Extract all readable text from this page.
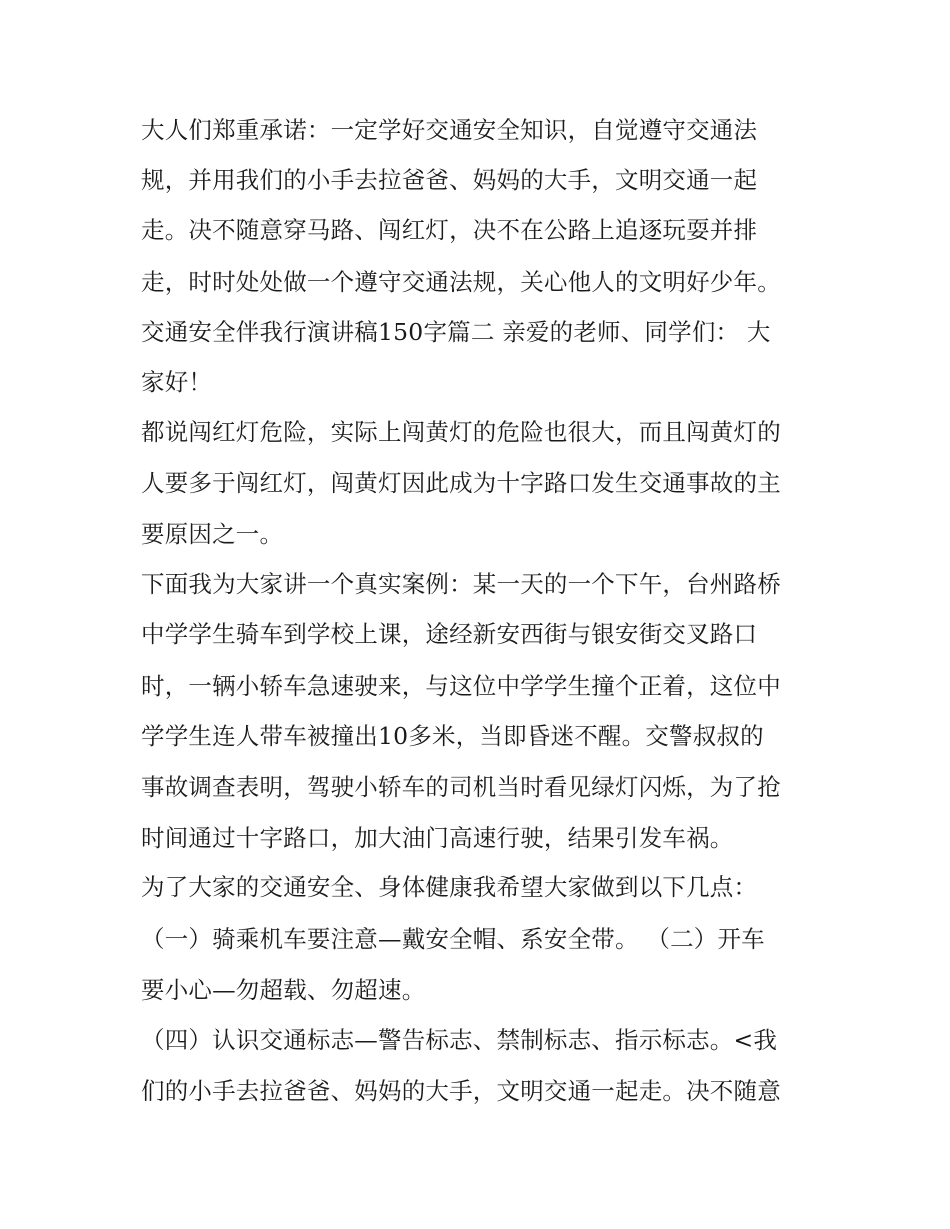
大人们郑重承诺：一定学好交通安全知识，自觉遵守交通法
规，并用我们的小手去拉爸爸、妈妈的大手，文明交通一起
走。决不随意穿马路、闯红灯，决不在公路上追逐玩耍并排
走，时时处处做一个遵守交通法规，关心他人的文明好少年。
交通安全伴我行演讲稿150字篇二 亲爱的老师、同学们： 大
家好！
都说闯红灯危险，实际上闯黄灯的危险也很大，而且闯黄灯的
人要多于闯红灯，闯黄灯因此成为十字路口发生交通事故的主
要原因之一。
下面我为大家讲一个真实案例：某一天的一个下午，台州路桥
中学学生骑车到学校上课，途经新安西街与银安街交叉路口
时，一辆小轿车急速驶来，与这位中学学生撞个正着，这位中
学学生连人带车被撞出10多米，当即昏迷不醒。交警叔叔的
事故调查表明，驾驶小轿车的司机当时看见绿灯闪烁，为了抢
时间通过十字路口，加大油门高速行驶，结果引发车祸。
为了大家的交通安全、身体健康我希望大家做到以下几点：
（一）骑乘机车要注意—戴安全帽、系安全带。 （二）开车
要小心—勿超载、勿超速。
（四）认识交通标志—警告标志、禁制标志、指示标志。<我
们的小手去拉爸爸、妈妈的大手，文明交通一起走。决不随意
